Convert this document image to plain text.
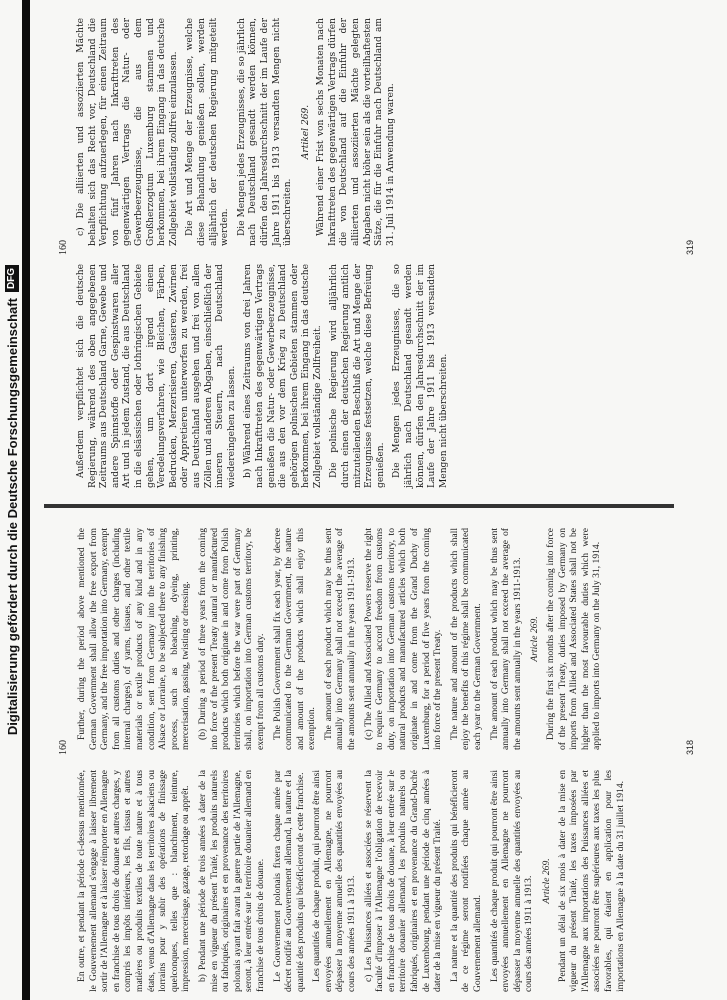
Digitalisierung gefördert durch die Deutsche Forschungsgemeinschaft
DFG
160	318

En outre, et pendant la période ci-dessus mentionnée, le Gouvernement allemand s'engage à laisser librement sortir de l'Allemagne et à laisser réimporter en Allemagne en franchise de tous droits de douane et autres charges, y compris les impôts intérieurs, les fils, tissus et autres matières ou produits textiles de toute nature et à tous états, venus d'Allemagne dans les territoires alsaciens ou lorrains pour y subir des opérations de finissage quelconques, telles que : blanchiment, teinture, impression, mercerisage, gazage, retordage ou apprêt. b) Pendant une période de trois années à dater de la mise en vigueur du présent Traité, les produits naturels ou fabriqués, originaires et en provenance des territoires polonais ayant fait avant la guerre partie de l'Allemagne, seront, à leur entrée sur le territoire douanier allemand en franchise de tous droits de douane. Le Gouvernement polonais fixera chaque année par décret notifié au Gouvernement allemand, la nature et la quantité des produits qui bénéficieront de cette franchise. Les quantités de chaque produit, qui pourront être ainsi envoyées annuellement en Allemagne, ne pourront dépasser la moyenne annuelle des quantités envoyées au cours des années 1911 à 1913. c) Les Puissances alliées et associées se réservent la faculté d'imposer à l'Allemagne l'obligation de recevoir en franchise de tous droits de douane, à leur entrée sur le territoire douanier allemand, les produits naturels ou fabriqués, originaires et en provenance du Grand-Duché de Luxembourg, pendant une période de cinq années à dater de la mise en vigueur du présent Traité. La nature et la quantité des produits qui bénéficieront de ce régime seront notifiées chaque année au Gouvernement allemand. Les quantités de chaque produit qui pourront être ainsi envoyées annuellement en Allemagne ne pourront dépasser la moyenne annuelle des quantités envoyées au cours des années 1911 à 1913. Article 269. Pendant un délai de six mois à dater de la mise en vigueur du présent Traité, les taxes imposées par l'Allemagne aux importations des Puissances alliées et associées ne pourront être supérieures aux taxes les plus favorables, qui étaient en application pour les importations en Allemagne à la date du 31 juillet 1914.

Further, during the period above mentioned the German Government shall allow the free export from Germany, and the free importation into Germany, exempt from all customs duties and other charges (including internal charges), of yarns, tissues, and other textile materials or textile products of any kind and in any condition, sent from Germany into the territories of Alsace or Lorraine, to be subjected there to any finishing process, such as bleaching, dyeing, printing, mercerisation, gassing, twisting or dressing. (b) During a period of three years from the coming into force of the present Treaty natural or manufactured products which both originate in and come from Polish territories which before the war were part of Germany shall, on importation into German customs territory, be exempt from all customs duty. The Polish Government shall fix each year, by decree communicated to the German Government, the nature and amount of the products which shall enjoy this exemption. The amount of each product which may be thus sent annually into Germany shall not exceed the average of the amounts sent annually in the years 1911-1913. (c) The Allied and Associated Powers reserve the right to require Germany to accord freedom from customs duty, on importation into German customs territory, to natural products and manufactured articles which both originate in and come from the Grand Duchy of Luxemburg, for a period of five years from the coming into force of the present Treaty. The nature and amount of the products which shall enjoy the benefits of this régime shall be communicated each year to the German Government. The amount of each product which may be thus sent annually into Germany shall not exceed the average of the amounts sent annually in the years 1911-1913. Article 269. During the first six months after the coming into force of the present Treaty, duties imposed by Germany on imports from Allied and Associated States shall not be higher than the most favourable duties which were applied to imports into Germany on the July 31, 1914.

160	319

Außerdem verpflichtet sich die deutsche Regierung, während des oben angegebenen Zeitraums aus Deutschland Garne, Gewebe und andere Spinnstoffe oder Gespinstwaren aller Art und in jedem Zustand, die aus Deutschland in die elsässischen oder lothringischen Gebiete gehen, um dort irgend einem Veredelungsverfahren, wie Bleichen, Färben, Bedrucken, Merzerisieren, Gasieren, Zwirnen oder Appretieren unterworfen zu werden, frei aus Deutschland ausgehen und frei von allen Zöllen und anderen Abgaben, einschließlich der inneren Steuern, nach Deutschland wiedereingehen zu lassen. b) Während eines Zeitraums von drei Jahren nach Inkrafttreten des gegenwärtigen Vertrags genießen die Natur- oder Gewerbeerzeugnisse, die aus den vor dem Krieg zu Deutschland gehörigen polnischen Gebieten stammen oder herkommen, bei ihrem Eingang in das deutsche Zollgebiet vollständige Zollfreiheit. Die polnische Regierung wird alljährlich durch einen der deutschen Regierung amtlich mitzuteilenden Beschluß die Art und Menge der Erzeugnisse festsetzen, welche diese Befreiung genießen. Die Mengen jedes Erzeugnisses, die so jährlich nach Deutschland gesandt werden können, dürfen den Jahresdurchschnitt der im Laufe der Jahre 1911 bis 1913 versandten Mengen nicht überschreiten.

c) Die alliierten und assoziierten Mächte behalten sich das Recht vor, Deutschland die Verpflichtung aufzuerlegen, für einen Zeitraum von fünf Jahren nach Inkrafttreten des gegenwärtigen Vertrags die Natur- oder Gewerbeerzeugnisse, die aus dem Großherzogtum Luxemburg stammen und herkommen, bei ihrem Eingang in das deutsche Zollgebiet vollständig zollfrei einzulassen. Die Art und Menge der Erzeugnisse, welche diese Behandlung genießen sollen, werden alljährlich der deutschen Regierung mitgeteilt werden. Die Mengen jedes Erzeugnisses, die so jährlich nach Deutschland gesandt werden können, dürfen den Jahresdurchschnitt der im Laufe der Jahre 1911 bis 1913 versandten Mengen nicht überschreiten.

Artikel 269. Während einer Frist von sechs Monaten nach Inkrafttreten des gegenwärtigen Vertrags dürfen die von Deutschland auf die Einfuhr der alliierten und assoziierten Mächte gelegten Abgaben nicht höher sein als die vorteilhaftesten Sätze, die für die Einfuhr nach Deutschland am 31. Juli 1914 in Anwendung waren.
